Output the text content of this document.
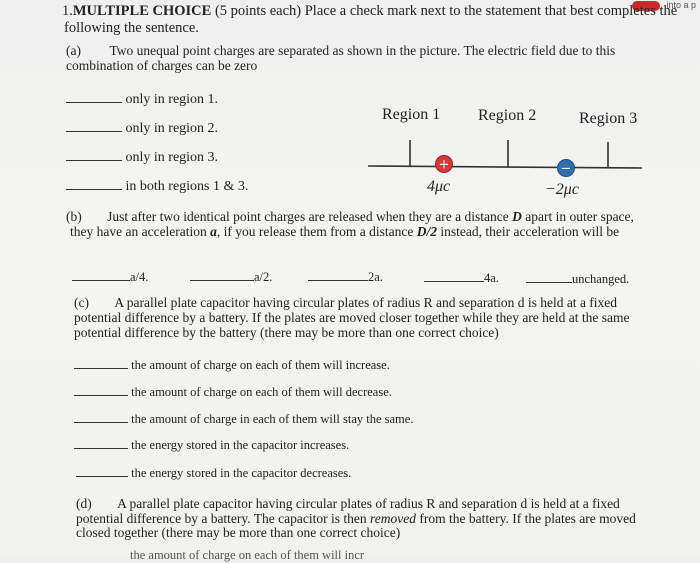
into a p
1.MULTIPLE CHOICE (5 points each) Place a check mark next to the statement that best completes the
following the sentence.
(a) Two unequal point charges are separated as shown in the picture. The electric field due to this
combination of charges can be zero
only in region 1.
only in region 2.
only in region 3.
in both regions 1 & 3.
Region 1 Region 2	Region 3
+	−
4μc	−2μc
(b) Just after two identical point charges are released when they are a distance D apart in outer space,
they have an acceleration a, if you release them from a distance D/2 instead, their acceleration will be
a/4.	a/2.	2a.	4a.	unchanged.
(c) A parallel plate capacitor having circular plates of radius R and separation d is held at a fixed
potential difference by a battery. If the plates are moved closer together while they are held at the same
potential difference by the battery (there may be more than one correct choice)
the amount of charge on each of them will increase.
the amount of charge on each of them will decrease.
the amount of charge in each of them will stay the same.
the energy stored in the capacitor increases.
the energy stored in the capacitor decreases.
(d) A parallel plate capacitor having circular plates of radius R and separation d is held at a fixed
potential difference by a battery. The capacitor is then removed from the battery. If the plates are moved
closed together (there may be more than one correct choice)
the amount of charge on each of them will incr
